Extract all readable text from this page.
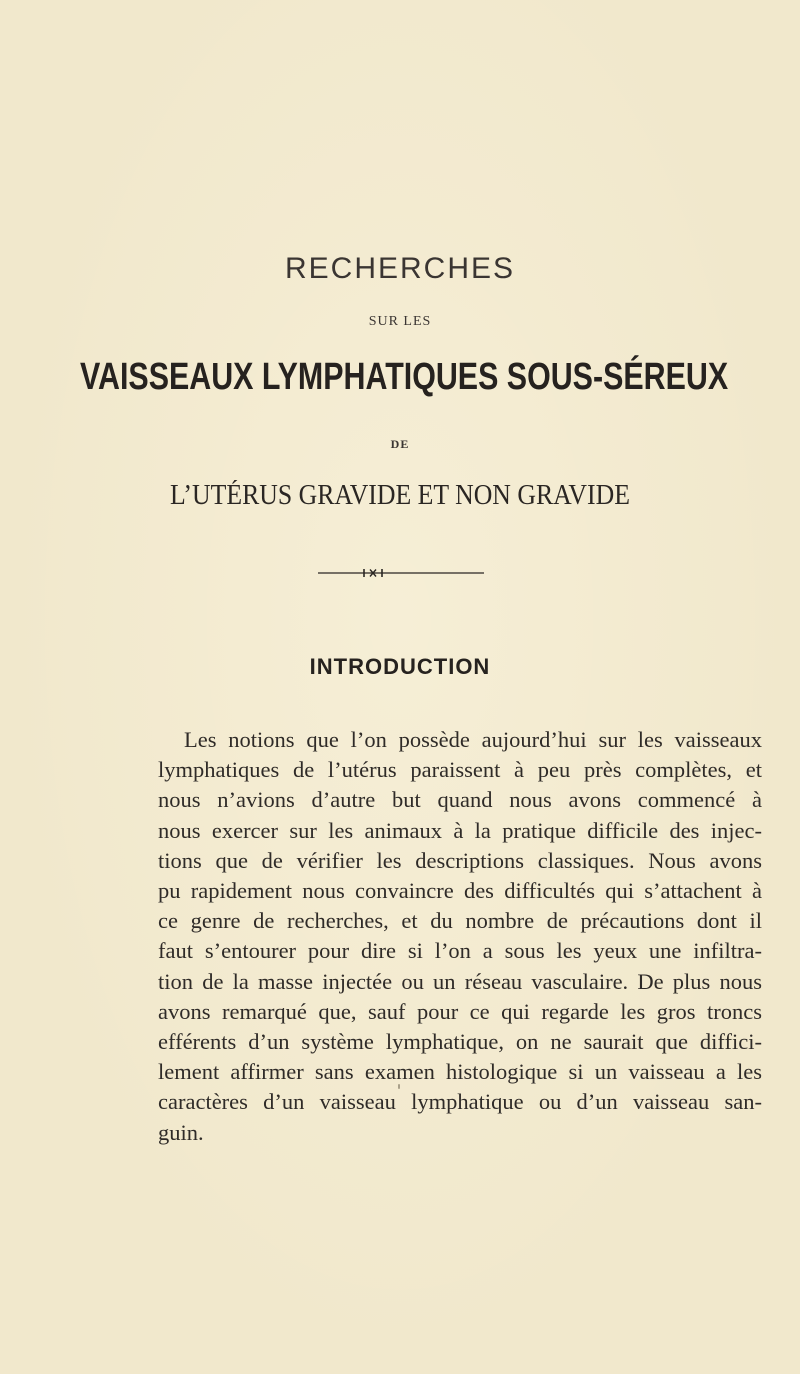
RECHERCHES
SUR LES
VAISSEAUX LYMPHATIQUES SOUS-SÉREUX
DE
L’UTÉRUS GRAVIDE ET NON GRAVIDE
INTRODUCTION
Les notions que l’on possède aujourd’hui sur les vaisseaux
lymphatiques de l’utérus paraissent à peu près complètes, et
nous n’avions d’autre but quand nous avons commencé à
nous exercer sur les animaux à la pratique difficile des injec-
tions que de vérifier les descriptions classiques. Nous avons
pu rapidement nous convaincre des difficultés qui s’attachent à
ce genre de recherches, et du nombre de précautions dont il
faut s’entourer pour dire si l’on a sous les yeux une infiltra-
tion de la masse injectée ou un réseau vasculaire. De plus nous
avons remarqué que, sauf pour ce qui regarde les gros troncs
efférents d’un système lymphatique, on ne saurait que diffici-
lement affirmer sans examen histologique si un vaisseau a les
caractères d’un vaisseau lymphatique ou d’un vaisseau san-
guin.
